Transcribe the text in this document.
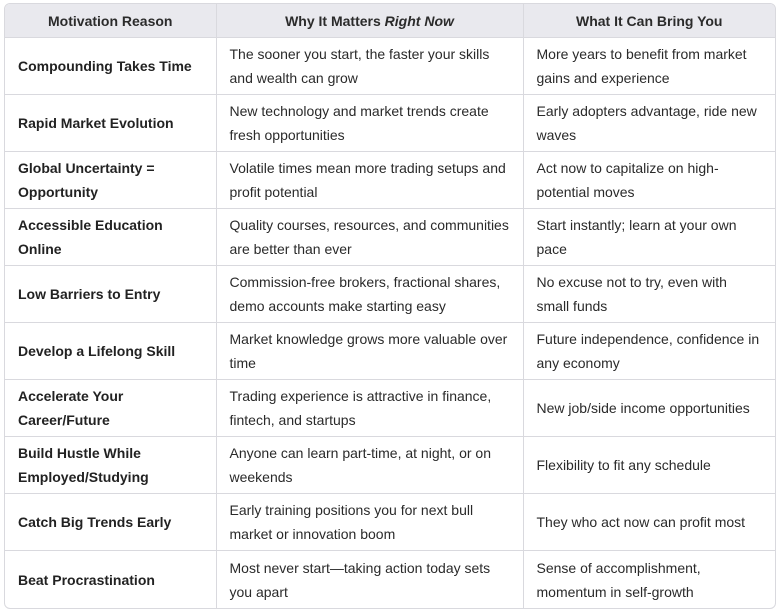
Motivation Reason	Why It Matters Right Now	What It Can Bring You
Compounding Takes Time	The sooner you start, the faster your skills and wealth can grow	More years to benefit from market gains and experience
Rapid Market Evolution	New technology and market trends create fresh opportunities	Early adopters advantage, ride new waves
Global Uncertainty = Opportunity	Volatile times mean more trading setups and profit potential	Act now to capitalize on high-potential moves
Accessible Education Online	Quality courses, resources, and communities are better than ever	Start instantly; learn at your own pace
Low Barriers to Entry	Commission-free brokers, fractional shares, demo accounts make starting easy	No excuse not to try, even with small funds
Develop a Lifelong Skill	Market knowledge grows more valuable over time	Future independence, confidence in any economy
Accelerate Your Career/Future	Trading experience is attractive in finance, fintech, and startups	New job/side income opportunities
Build Hustle While Employed/Studying	Anyone can learn part-time, at night, or on weekends	Flexibility to fit any schedule
Catch Big Trends Early	Early training positions you for next bull market or innovation boom	They who act now can profit most
Beat Procrastination	Most never start—taking action today sets you apart	Sense of accomplishment, momentum in self-growth
